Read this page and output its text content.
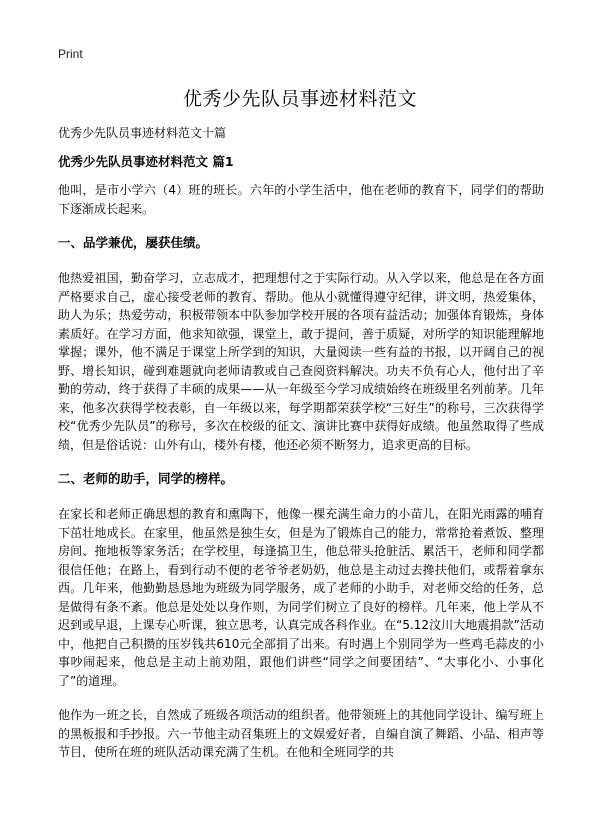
Print
优秀少先队员事迹材料范文

优秀少先队员事迹材料范文十篇

优秀少先队员事迹材料范文 篇1

他叫，是市小学六（4）班的班长。六年的小学生活中，他在老师的教育下，同学们的帮助下逐渐成长起来。

一、品学兼优，屡获佳绩。

他热爱祖国，勤奋学习，立志成才，把理想付之于实际行动。从入学以来，他总是在各方面严格要求自己，虚心接受老师的教育、帮助。他从小就懂得遵守纪律，讲文明，热爱集体，助人为乐；热爱劳动，积极带领本中队参加学校开展的各项有益活动；加强体育锻炼，身体素质好。在学习方面，他求知欲强，课堂上，敢于提问，善于质疑，对所学的知识能理解地掌握；课外，他不满足于课堂上所学到的知识，大量阅读一些有益的书报，以开阔自己的视野、增长知识，碰到难题就向老师请教或自己查阅资料解决。功夫不负有心人，他付出了辛勤的劳动，终于获得了丰硕的成果——从一年级至今学习成绩始终在班级里名列前茅。几年来，他多次获得学校表彰，自一年级以来，每学期都荣获学校“三好生”的称号，三次获得学校“优秀少先队员”的称号，多次在校级的征文、演讲比赛中获得好成绩。他虽然取得了些成绩，但是俗话说：山外有山，楼外有楼，他还必须不断努力，追求更高的目标。

二、老师的助手，同学的榜样。

在家长和老师正确思想的教育和熏陶下，他像一棵充满生命力的小苗儿，在阳光雨露的哺育下茁壮地成长。在家里，他虽然是独生女，但是为了锻炼自己的能力，常常抢着煮饭、整理房间、拖地板等家务活；在学校里，每逢搞卫生，他总带头抢脏活、累活干，老师和同学都很信任他；在路上，看到行动不便的老爷爷老奶奶，他总是主动过去搀扶他们，或帮着拿东西。几年来，他勤勤恳恳地为班级为同学服务，成了老师的小助手，对老师交给的任务，总是做得有条不紊。他总是处处以身作则，为同学们树立了良好的榜样。几年来，他上学从不迟到或早退，上课专心听课，独立思考，认真完成各科作业。在“5.12汶川大地震捐款”活动中，他把自己积攒的压岁钱共610元全部捐了出来。有时遇上个别同学为一些鸡毛蒜皮的小事吵闹起来，他总是主动上前劝阻，跟他们讲些“同学之间要团结”、“大事化小、小事化了”的道理。

他作为一班之长，自然成了班级各项活动的组织者。他带领班上的其他同学设计、编写班上的黑板报和手抄报。六一节他主动召集班上的文娱爱好者，自编自演了舞蹈、小品、相声等节目，使所在班的班队活动课充满了生机。在他和全班同学的共
